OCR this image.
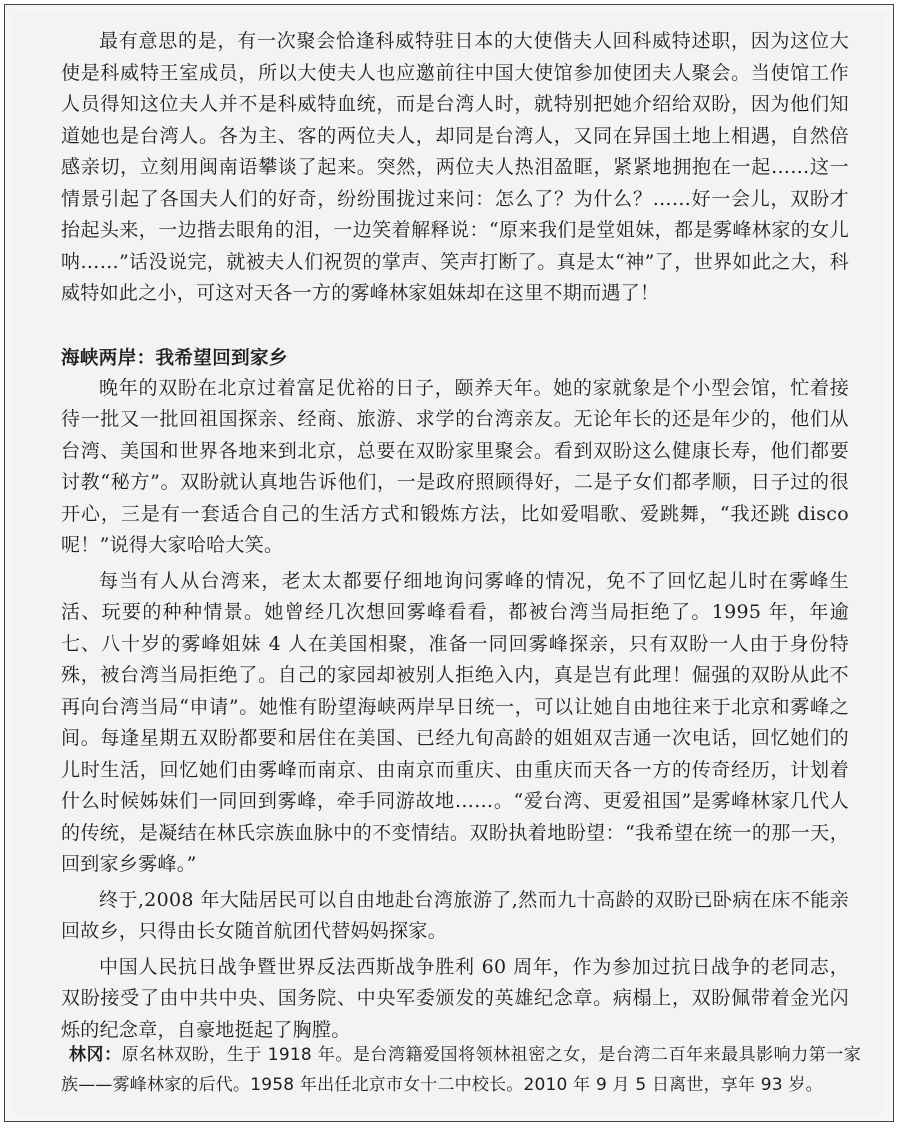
最有意思的是，有一次聚会恰逢科威特驻日本的大使偕夫人回科威特述职，因为这位大使是科威特王室成员，所以大使夫人也应邀前往中国大使馆参加使团夫人聚会。当使馆工作人员得知这位夫人并不是科威特血统，而是台湾人时，就特别把她介绍给双盼，因为他们知道她也是台湾人。各为主、客的两位夫人，却同是台湾人，又同在异国土地上相遇，自然倍感亲切，立刻用闽南语攀谈了起来。突然，两位夫人热泪盈眶，紧紧地拥抱在一起……这一情景引起了各国夫人们的好奇，纷纷围拢过来问：怎么了？为什么？……好一会儿，双盼才抬起头来，一边揩去眼角的泪，一边笑着解释说：“原来我们是堂姐妹，都是雾峰林家的女儿呐……”话没说完，就被夫人们祝贺的掌声、笑声打断了。真是太“神”了，世界如此之大，科威特如此之小，可这对天各一方的雾峰林家姐妹却在这里不期而遇了！

海峡两岸：我希望回到家乡

晚年的双盼在北京过着富足优裕的日子，颐养天年。她的家就象是个小型会馆，忙着接待一批又一批回祖国探亲、经商、旅游、求学的台湾亲友。无论年长的还是年少的，他们从台湾、美国和世界各地来到北京，总要在双盼家里聚会。看到双盼这么健康长寿，他们都要讨教“秘方”。双盼就认真地告诉他们，一是政府照顾得好，二是子女们都孝顺，日子过的很开心，三是有一套适合自己的生活方式和锻炼方法，比如爱唱歌、爱跳舞，“我还跳 disco 呢！”说得大家哈哈大笑。

每当有人从台湾来，老太太都要仔细地询问雾峰的情况，免不了回忆起儿时在雾峰生活、玩要的种种情景。她曾经几次想回雾峰看看，都被台湾当局拒绝了。1995 年，年逾七、八十岁的雾峰姐妹 4 人在美国相聚，准备一同回雾峰探亲，只有双盼一人由于身份特殊，被台湾当局拒绝了。自己的家园却被别人拒绝入内，真是岂有此理！倔强的双盼从此不再向台湾当局“申请”。她惟有盼望海峡两岸早日统一，可以让她自由地往来于北京和雾峰之间。每逢星期五双盼都要和居住在美国、已经九旬高龄的姐姐双吉通一次电话，回忆她们的儿时生活，回忆她们由雾峰而南京、由南京而重庆、由重庆而天各一方的传奇经历，计划着什么时候姊妹们一同回到雾峰，牵手同游故地……。“爱台湾、更爱祖国”是雾峰林家几代人的传统，是凝结在林氏宗族血脉中的不变情结。双盼执着地盼望：“我希望在统一的那一天，回到家乡雾峰。”

终于,2008 年大陆居民可以自由地赴台湾旅游了,然而九十高龄的双盼已卧病在床不能亲回故乡，只得由长女随首航团代替妈妈探家。

中国人民抗日战争暨世界反法西斯战争胜利 60 周年，作为参加过抗日战争的老同志，双盼接受了由中共中央、国务院、中央军委颁发的英雄纪念章。病榻上，双盼佩带着金光闪烁的纪念章，自豪地挺起了胸膛。

林冈：原名林双盼，生于 1918 年。是台湾籍爱国将领林祖密之女，是台湾二百年来最具影响力第一家族——雾峰林家的后代。1958 年出任北京市女十二中校长。2010 年 9 月 5 日离世，享年 93 岁。
